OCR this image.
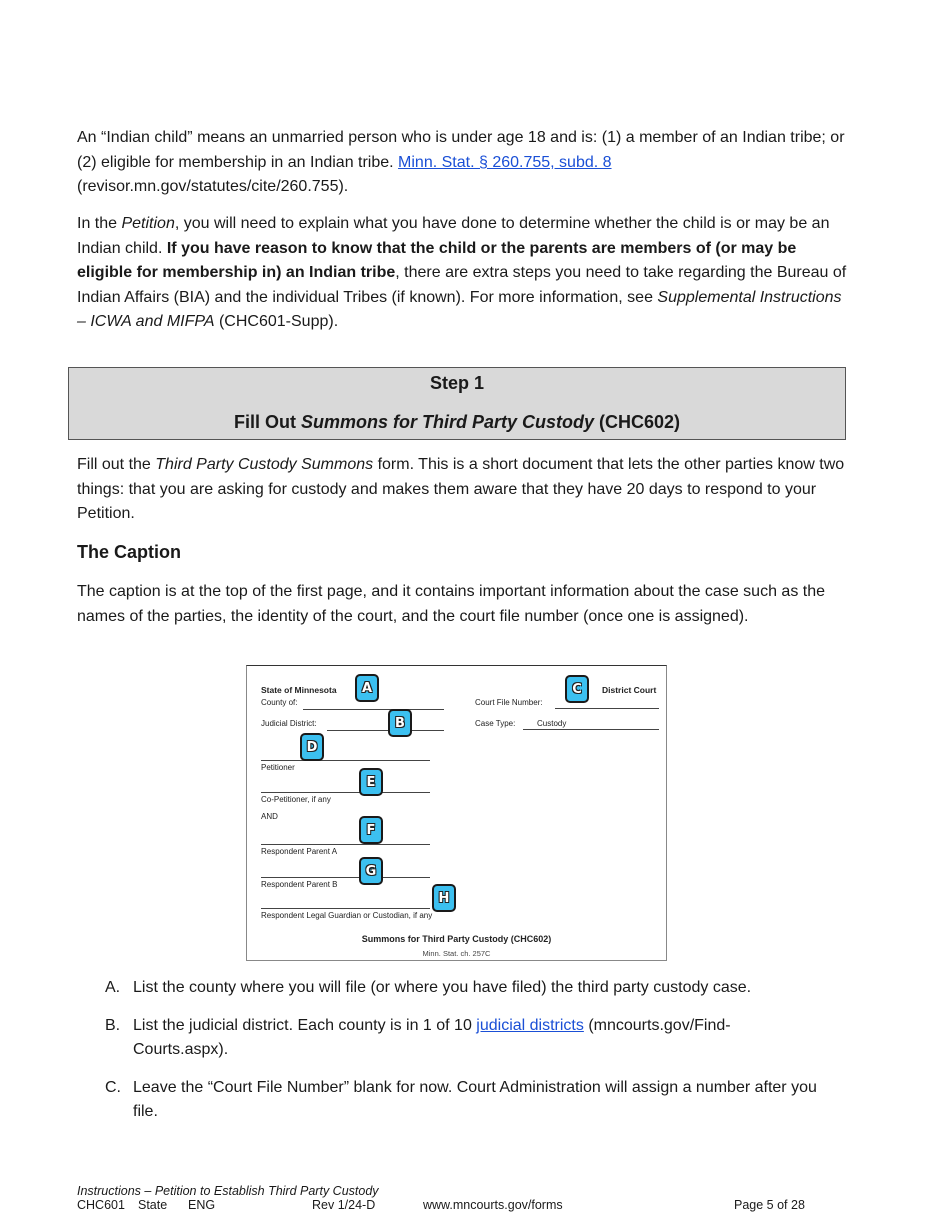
An “Indian child” means an unmarried person who is under age 18 and is: (1) a member of an Indian tribe; or (2) eligible for membership in an Indian tribe. Minn. Stat. § 260.755, subd. 8
(revisor.mn.gov/statutes/cite/260.755).

In the Petition, you will need to explain what you have done to determine whether the child is or may be an Indian child. If you have reason to know that the child or the parents are members of (or may be eligible for membership in) an Indian tribe, there are extra steps you need to take regarding the Bureau of Indian Affairs (BIA) and the individual Tribes (if known). For more information, see Supplemental Instructions – ICWA and MIFPA (CHC601-Supp).

Step 1
Fill Out Summons for Third Party Custody (CHC602)

Fill out the Third Party Custody Summons form. This is a short document that lets the other parties know two things: that you are asking for custody and makes them aware that they have 20 days to respond to your Petition.

The Caption

The caption is at the top of the first page, and it contains important information about the case such as the names of the parties, the identity of the court, and the court file number (once one is assigned).

State of Minnesota
County of:
Judicial District:
District Court
Court File Number:
Case Type:	Custody
Petitioner
Co-Petitioner, if any
AND
Respondent Parent A
Respondent Parent B
Respondent Legal Guardian or Custodian, if any
Summons for Third Party Custody (CHC602)
Minn. Stat. ch. 257C
A
B
C
D
E
F
G
H
A. List the county where you will file (or where you have filed) the third party custody case.
B. List the judicial district. Each county is in 1 of 10 judicial districts (mncourts.gov/Find-Courts.aspx).
C. Leave the “Court File Number” blank for now. Court Administration will assign a number after you file.
Instructions – Petition to Establish Third Party Custody
CHC601 State ENG	Rev 1/24-D	www.mncourts.gov/forms	Page 5 of 28
